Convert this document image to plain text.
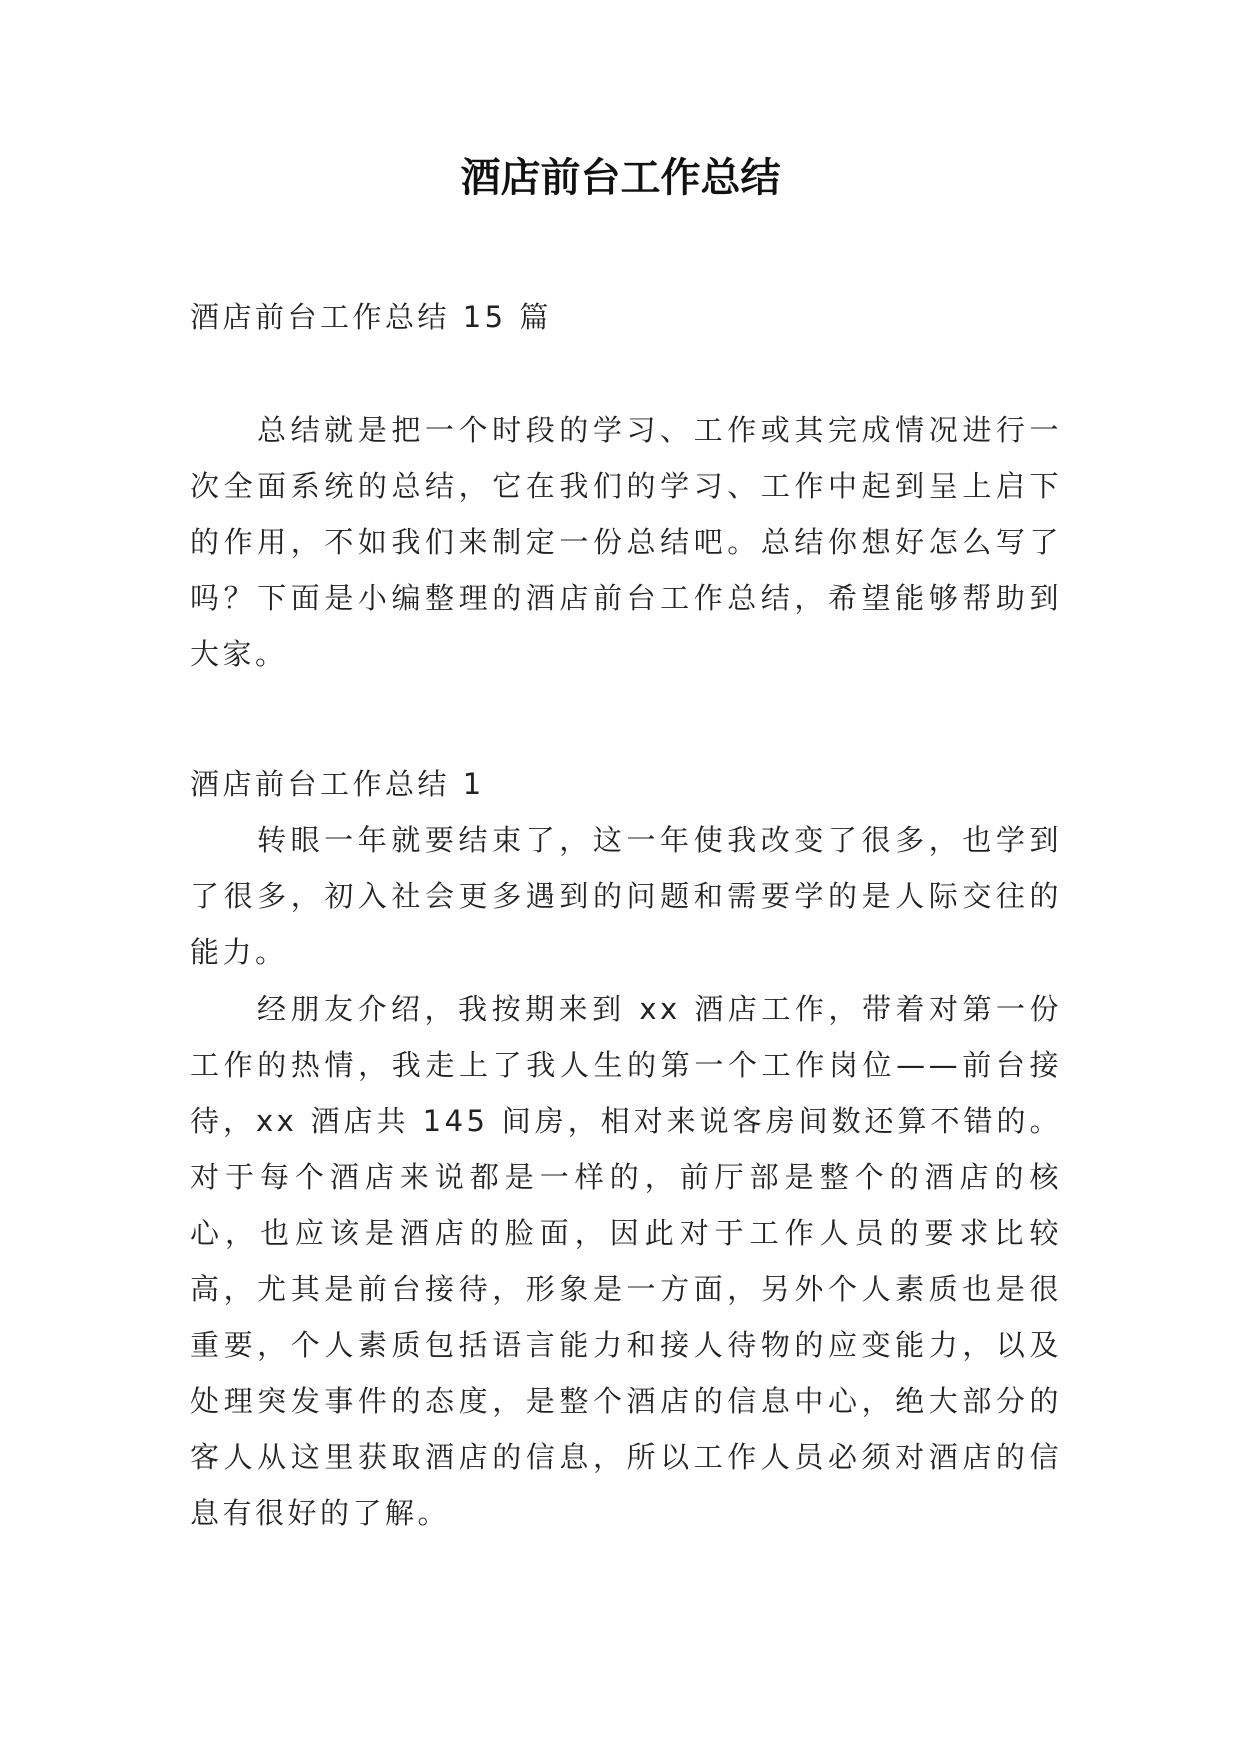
酒店前台工作总结

酒店前台工作总结 15 篇

总结就是把一个时段的学习、工作或其完成情况进行一次全面系统的总结，它在我们的学习、工作中起到呈上启下的作用，不如我们来制定一份总结吧。总结你想好怎么写了吗？下面是小编整理的酒店前台工作总结，希望能够帮助到大家。

酒店前台工作总结 1

转眼一年就要结束了，这一年使我改变了很多，也学到了很多，初入社会更多遇到的问题和需要学的是人际交往的能力。

经朋友介绍，我按期来到 xx 酒店工作，带着对第一份工作的热情，我走上了我人生的第一个工作岗位——前台接待，xx 酒店共 145 间房，相对来说客房间数还算不错的。对于每个酒店来说都是一样的，前厅部是整个的酒店的核心，也应该是酒店的脸面，因此对于工作人员的要求比较高，尤其是前台接待，形象是一方面，另外个人素质也是很重要，个人素质包括语言能力和接人待物的应变能力，以及处理突发事件的态度，是整个酒店的信息中心，绝大部分的客人从这里获取酒店的信息，所以工作人员必须对酒店的信息有很好的了解。
